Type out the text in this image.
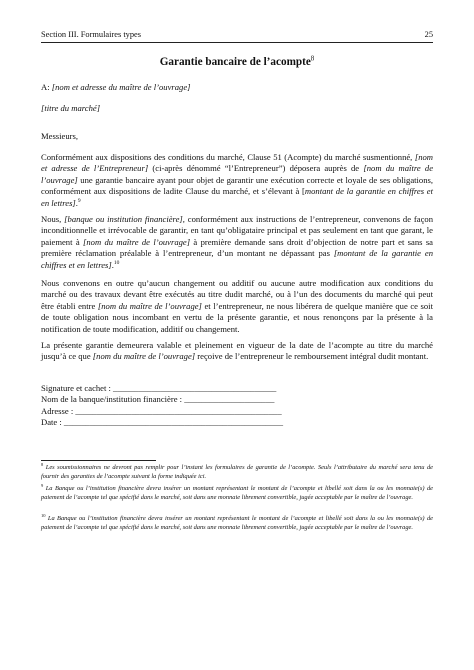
Section III. Formulaires types	25
Garantie bancaire de l’acompte$^8$
A: [nom et adresse du maître de l’ouvrage]
[titre du marché]
Messieurs,
Conformément aux dispositions des conditions du marché, Clause 51 (Acompte) du marché susmentionné, [nom et adresse de l’Entrepreneur] (ci-après dénommé “l’Entrepreneur”) déposera auprès de [nom du maître de l’ouvrage] une garantie bancaire ayant pour objet de garantir une exécution correcte et loyale de ses obligations, conformément aux dispositions de ladite Clause du marché, et s’élevant à [montant de la garantie en chiffres et en lettres].$^9$
Nous, [banque ou institution financière], conformément aux instructions de l’entrepreneur, convenons de façon inconditionnelle et irrévocable de garantir, en tant qu’obligataire principal et pas seulement en tant que garant, le paiement à [nom du maître de l’ouvrage] à première demande sans droit d’objection de notre part et sans sa première réclamation préalable à l’entrepreneur, d’un montant ne dépassant pas [montant de la garantie en chiffres et en lettres].$^{10}$
Nous convenons en outre qu’aucun changement ou additif ou aucune autre modification aux conditions du marché ou des travaux devant être exécutés au titre dudit marché, ou à l’un des documents du marché qui peut être établi entre [nom du maître de l’ouvrage] et l’entrepreneur, ne nous libérera de quelque manière que ce soit de toute obligation nous incombant en vertu de la présente garantie, et nous renonçons par la présente à la notification de toute modification, additif ou changement.
La présente garantie demeurera valable et pleinement en vigueur de la date de l’acompte au titre du marché jusqu’à ce que [nom du maître de l’ouvrage] reçoive de l’entrepreneur le remboursement intégral dudit montant.
Signature et cachet : ______________________________________
Nom de la banque/institution financière : _____________________
Adresse : ________________________________________________
Date : ___________________________________________________
$^8$ Les soumissionnaires ne devront pas remplir pour l’instant les formulaires de garantie de l’acompte. Seuls l’attributaire du marché sera tenu de fournir des garanties de l’acompte suivant la forme indiquée ici.
$^9$ La Banque ou l’institution financière devra insérer un montant représentant le montant de l’acompte et libellé soit dans la ou les monnaie(s) de paiement de l’acompte tel que spécifié dans le marché, soit dans une monnaie librement convertible, jugée acceptable par le maître de l’ouvrage.
$^{10}$ La Banque ou l’institution financière devra insérer un montant représentant le montant de l’acompte et libellé soit dans la ou les monnaie(s) de paiement de l’acompte tel que spécifié dans le marché, soit dans une monnaie librement convertible, jugée acceptable par le maître de l’ouvrage.
